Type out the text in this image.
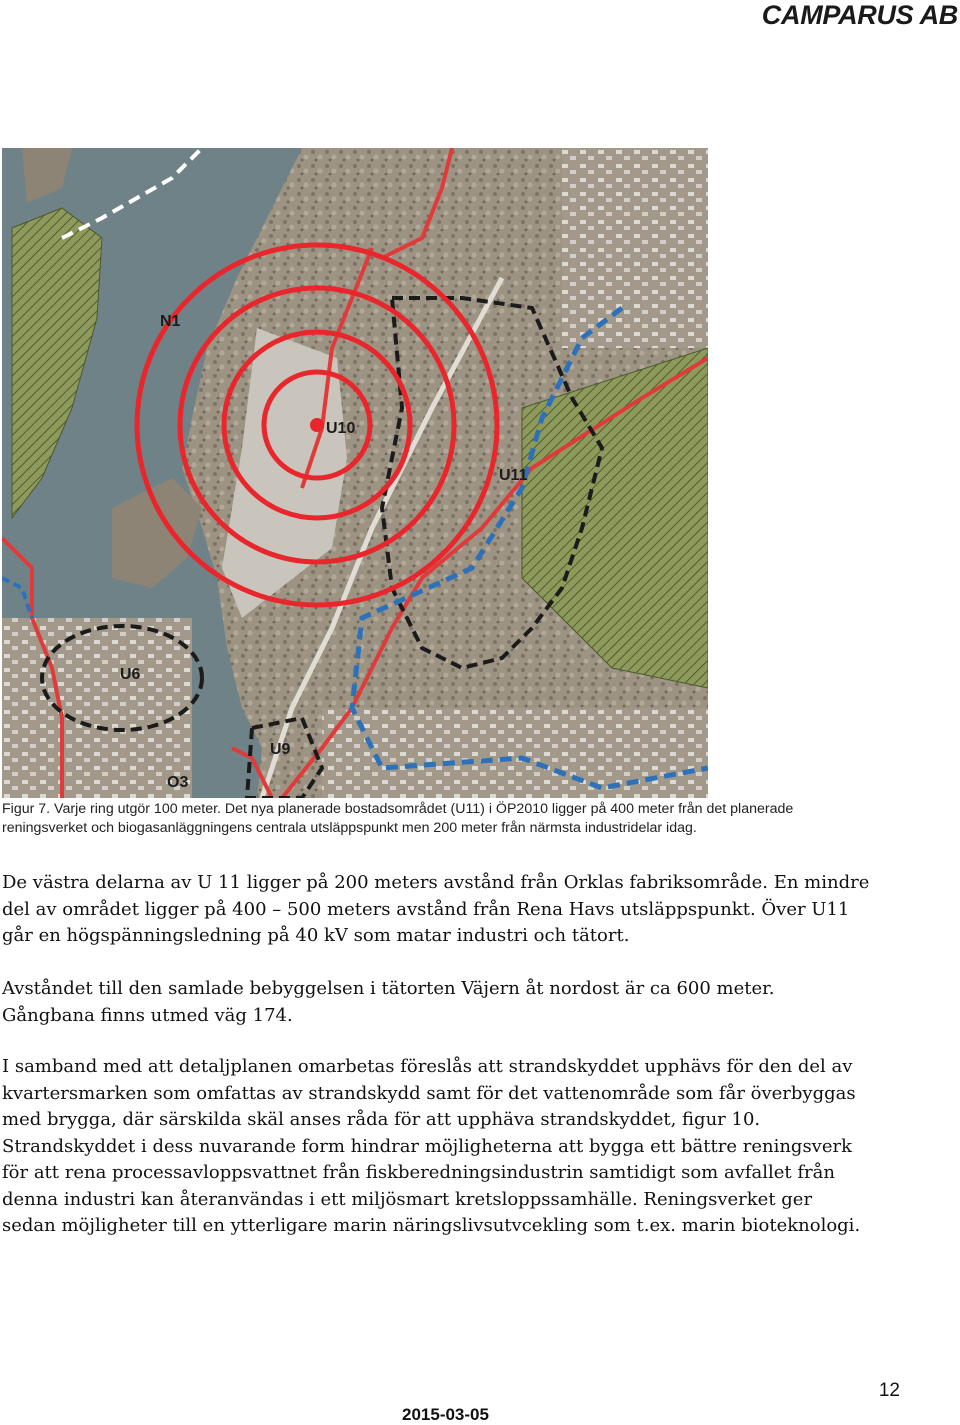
CAMPARUS AB
N1
U10
U11
U6
U9
O3
Figur 7. Varje ring utgör 100 meter. Det nya planerade bostadsområdet (U11) i ÖP2010 ligger på 400 meter från det planerade
reningsverket och biogasanläggningens centrala utsläppspunkt men 200 meter från närmsta industridelar idag.

De västra delarna av U 11 ligger på 200 meters avstånd från Orklas fabriksområde. En mindre
del av området ligger på 400 – 500 meters avstånd från Rena Havs utsläppspunkt. Över U11
går en högspänningsledning på 40 kV som matar industri och tätort.

Avståndet till den samlade bebyggelsen i tätorten Väjern åt nordost är ca 600 meter.
Gångbana finns utmed väg 174.

I samband med att detaljplanen omarbetas föreslås att strandskyddet upphävs för den del av
kvartersmarken som omfattas av strandskydd samt för det vattenområde som får överbyggas
med brygga, där särskilda skäl anses råda för att upphäva strandskyddet, figur 10.
Strandskyddet i dess nuvarande form hindrar möjligheterna att bygga ett bättre reningsverk
för att rena processavloppsvattnet från fiskberedningsindustrin samtidigt som avfallet från
denna industri kan återanvändas i ett miljösmart kretsloppssamhälle. Reningsverket ger
sedan möjligheter till en ytterligare marin näringslivsutvcekling som t.ex. marin bioteknologi.

12
2015-03-05
